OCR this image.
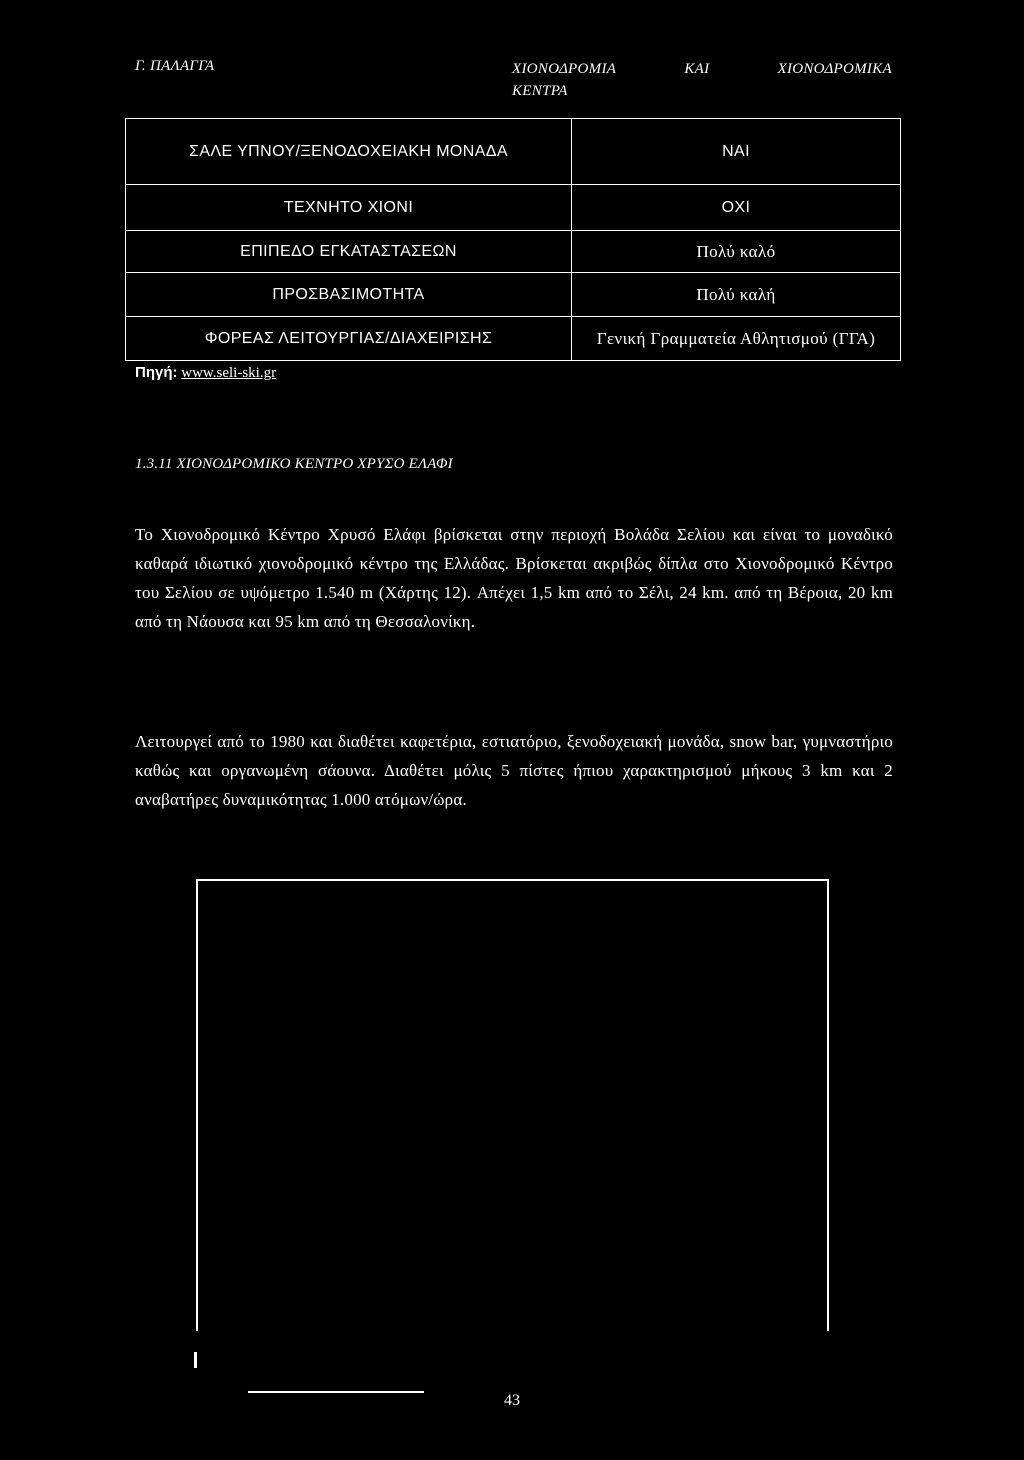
Γ. ΠΑΛΑΓΓΑ	ΧΙΟΝΟΔΡΟΜΙΑ	ΚΑΙ	ΧΙΟΝΟΔΡΟΜΙΚΑ
ΚΕΝΤΡΑ
ΣΑΛΕ ΥΠΝΟΥ/ΞΕΝΟΔΟΧΕΙΑΚΗ ΜΟΝΑΔΑ	ΝΑΙ
ΤΕΧΝΗΤΟ ΧΙΟΝΙ	ΟΧΙ
ΕΠΙΠΕΔΟ ΕΓΚΑΤΑΣΤΑΣΕΩΝ	Πολύ καλό
ΠΡΟΣΒΑΣΙΜΟΤΗΤΑ	Πολύ καλή
ΦΟΡΕΑΣ ΛΕΙΤΟΥΡΓΙΑΣ/ΔΙΑΧΕΙΡΙΣΗΣ	Γενική Γραμματεία Αθλητισμού (ΓΓΑ)
Πηγή: www.seli-ski.gr
1.3.11 ΧΙΟΝΟΔΡΟΜΙΚΟ ΚΕΝΤΡΟ ΧΡΥΣΟ ΕΛΑΦΙ
Το Χιονοδρομικό Κέντρο Χρυσό Ελάφι βρίσκεται στην περιοχή Βολάδα Σελίου και είναι το μοναδικό καθαρά ιδιωτικό χιονοδρομικό κέντρο της Ελλάδας. Βρίσκεται ακριβώς δίπλα στο Χιονοδρομικό Κέντρο του Σελίου σε υψόμετρο 1.540 m (Χάρτης 12). Απέχει 1,5 km από το Σέλι, 24 km. από τη Βέροια, 20 km από τη Νάουσα και 95 km από τη Θεσσαλονίκη.
Λειτουργεί από το 1980 και διαθέτει καφετέρια, εστιατόριο, ξενοδοχειακή μονάδα, snow bar, γυμναστήριο καθώς και οργανωμένη σάουνα. Διαθέτει μόλις 5 πίστες ήπιου χαρακτηρισμού μήκους 3 km και 2 αναβατήρες δυναμικότητας 1.000 ατόμων/ώρα.
43
